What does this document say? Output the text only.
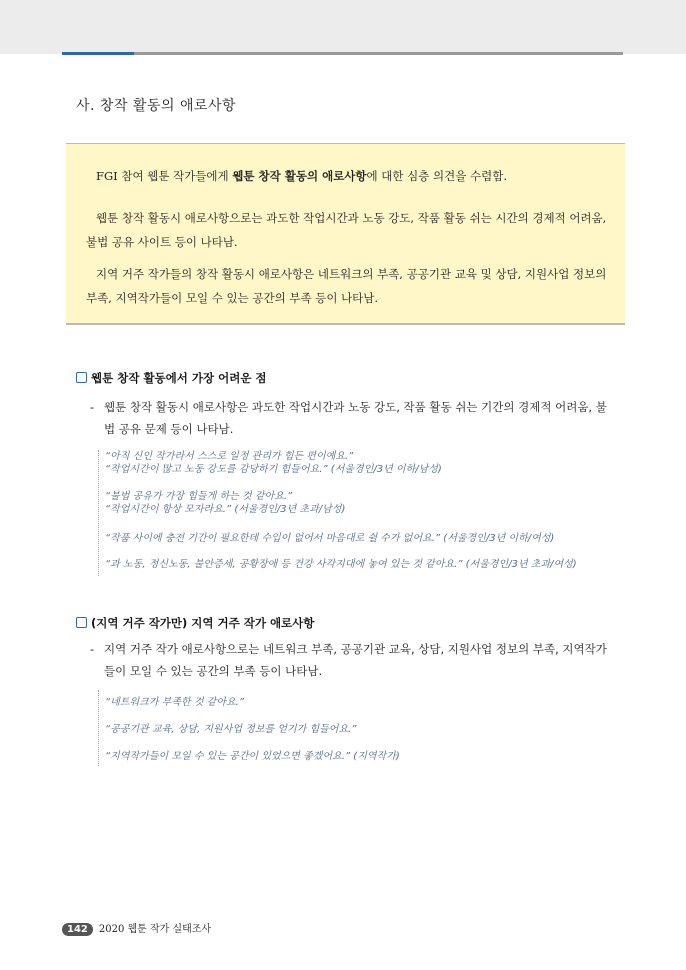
사. 창작 활동의 애로사항

FGI 참여 웹툰 작가들에게 웹툰 창작 활동의 애로사항에 대한 심층 의견을 수렴함.

웹툰 창작 활동시 애로사항으로는 과도한 작업시간과 노동 강도, 작품 활동 쉬는 시간의 경제적 어려움, 불법 공유 사이트 등이 나타남.

지역 거주 작가들의 창작 활동시 애로사항은 네트워크의 부족, 공공기관 교육 및 상담, 지원사업 정보의 부족, 지역작가들이 모일 수 있는 공간의 부족 등이 나타남.

웹툰 창작 활동에서 가장 어려운 점
- 웹툰 창작 활동시 애로사항은 과도한 작업시간과 노동 강도, 작품 활동 쉬는 기간의 경제적 어려움, 불법 공유 문제 등이 나타남.
“아직 신인 작가라서 스스로 일정 관리가 힘든 편이예요.”
“작업시간이 많고 노동 강도를 감당하기 힘들어요.” (서울경인/3년 이하/남성)
“불법 공유가 가장 힘들게 하는 것 같아요.”
“작업시간이 항상 모자라요.” (서울경인/3년 초과/남성)
“작품 사이에 충전 기간이 필요한데 수입이 없어서 마음대로 쉴 수가 없어요.” (서울경인/3년 이하/여성)
“과 노동, 정신노동, 불안증세, 공황장애 등 건강 사각지대에 놓여 있는 것 같아요.” (서울경인/3년 초과/여성)
(지역 거주 작가만) 지역 거주 작가 애로사항
- 지역 거주 작가 애로사항으로는 네트워크 부족, 공공기관 교육, 상담, 지원사업 정보의 부족, 지역작가들이 모일 수 있는 공간의 부족 등이 나타남.
“네트워크가 부족한 것 같아요.”
“공공기관 교육, 상담, 지원사업 정보를 얻기가 힘들어요.”
“지역작가들이 모일 수 있는 공간이 있었으면 좋겠어요.” (지역작가)
142 2020 웹툰 작가 실태조사
